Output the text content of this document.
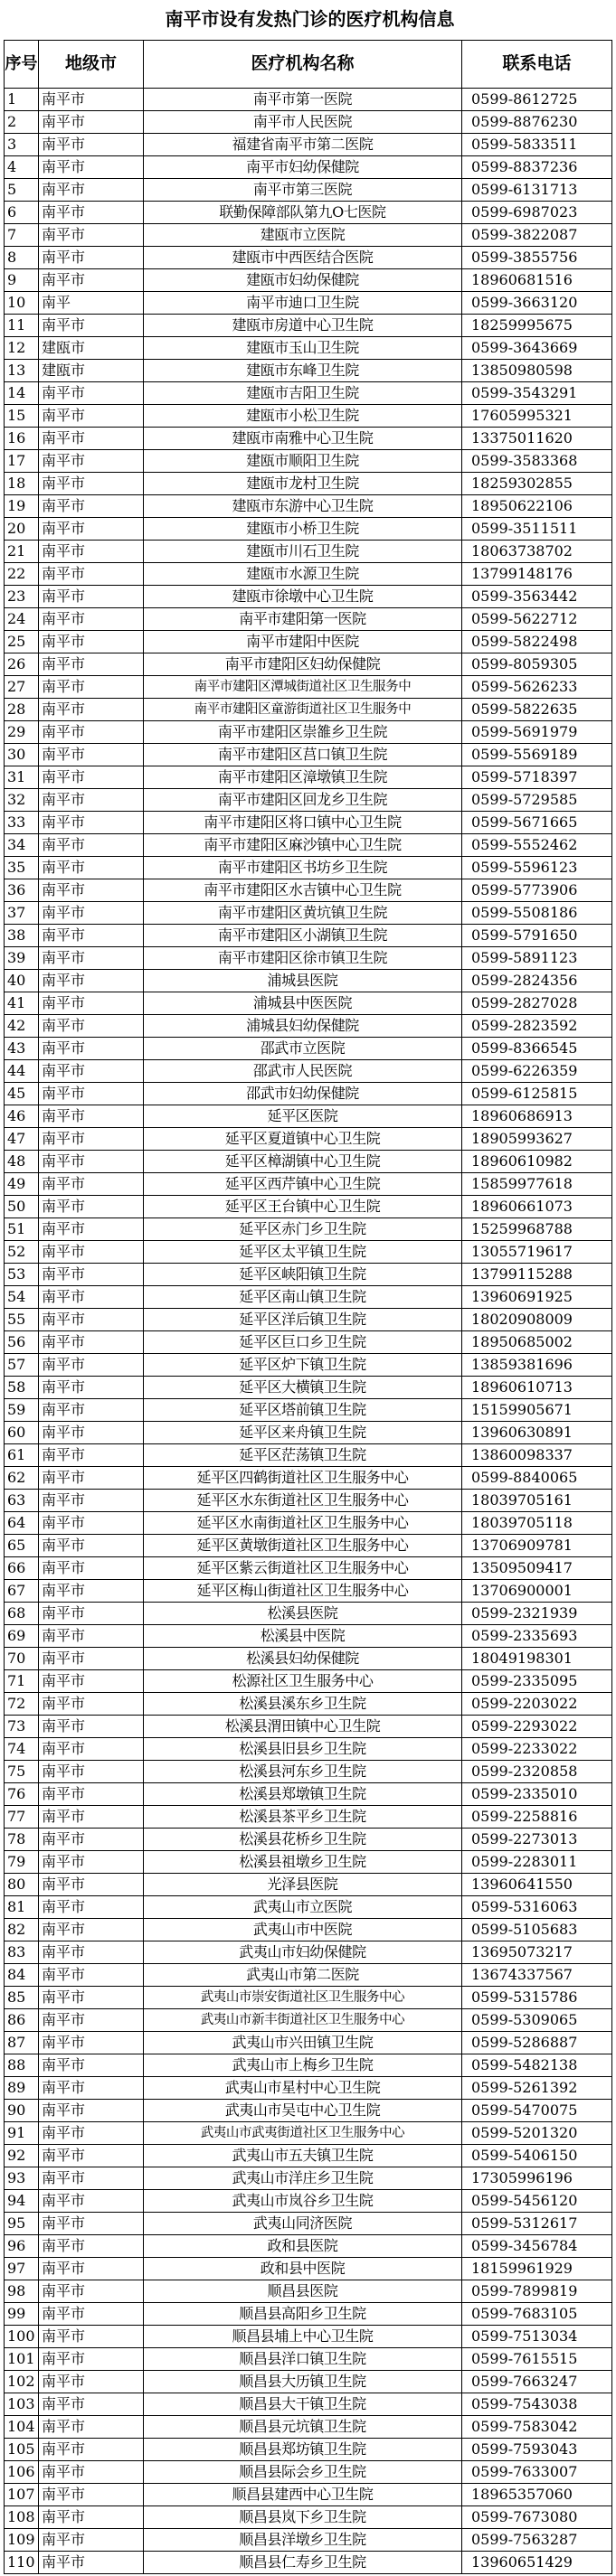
南平市设有发热门诊的医疗机构信息
序号	地级市	医疗机构名称	联系电话
1	南平市	南平市第一医院	0599-8612725
2	南平市	南平市人民医院	0599-8876230
3	南平市	福建省南平市第二医院	0599-5833511
4	南平市	南平市妇幼保健院	0599-8837236
5	南平市	南平市第三医院	0599-6131713
6	南平市	联勤保障部队第九O七医院	0599-6987023
7	南平市	建瓯市立医院	0599-3822087
8	南平市	建瓯市中西医结合医院	0599-3855756
9	南平市	建瓯市妇幼保健院	18960681516
10	南平	南平市迪口卫生院	0599-3663120
11	南平市	建瓯市房道中心卫生院	18259995675
12	建瓯市	建瓯市玉山卫生院	0599-3643669
13	建瓯市	建瓯市东峰卫生院	13850980598
14	南平市	建瓯市吉阳卫生院	0599-3543291
15	南平市	建瓯市小松卫生院	17605995321
16	南平市	建瓯市南雅中心卫生院	13375011620
17	南平市	建瓯市顺阳卫生院	0599-3583368
18	南平市	建瓯市龙村卫生院	18259302855
19	南平市	建瓯市东游中心卫生院	18950622106
20	南平市	建瓯市小桥卫生院	0599-3511511
21	南平市	建瓯市川石卫生院	18063738702
22	南平市	建瓯市水源卫生院	13799148176
23	南平市	建瓯市徐墩中心卫生院	0599-3563442
24	南平市	南平市建阳第一医院	0599-5622712
25	南平市	南平市建阳中医院	0599-5822498
26	南平市	南平市建阳区妇幼保健院	0599-8059305
27	南平市	南平市建阳区潭城街道社区卫生服务中	0599-5626233
28	南平市	南平市建阳区童游街道社区卫生服务中	0599-5822635
29	南平市	南平市建阳区崇雒乡卫生院	0599-5691979
30	南平市	南平市建阳区莒口镇卫生院	0599-5569189
31	南平市	南平市建阳区漳墩镇卫生院	0599-5718397
32	南平市	南平市建阳区回龙乡卫生院	0599-5729585
33	南平市	南平市建阳区将口镇中心卫生院	0599-5671665
34	南平市	南平市建阳区麻沙镇中心卫生院	0599-5552462
35	南平市	南平市建阳区书坊乡卫生院	0599-5596123
36	南平市	南平市建阳区水吉镇中心卫生院	0599-5773906
37	南平市	南平市建阳区黄坑镇卫生院	0599-5508186
38	南平市	南平市建阳区小湖镇卫生院	0599-5791650
39	南平市	南平市建阳区徐市镇卫生院	0599-5891123
40	南平市	浦城县医院	0599-2824356
41	南平市	浦城县中医医院	0599-2827028
42	南平市	浦城县妇幼保健院	0599-2823592
43	南平市	邵武市立医院	0599-8366545
44	南平市	邵武市人民医院	0599-6226359
45	南平市	邵武市妇幼保健院	0599-6125815
46	南平市	延平区医院	18960686913
47	南平市	延平区夏道镇中心卫生院	18905993627
48	南平市	延平区樟湖镇中心卫生院	18960610982
49	南平市	延平区西芹镇中心卫生院	15859977618
50	南平市	延平区王台镇中心卫生院	18960661073
51	南平市	延平区赤门乡卫生院	15259968788
52	南平市	延平区太平镇卫生院	13055719617
53	南平市	延平区峡阳镇卫生院	13799115288
54	南平市	延平区南山镇卫生院	13960691925
55	南平市	延平区洋后镇卫生院	18020908009
56	南平市	延平区巨口乡卫生院	18950685002
57	南平市	延平区炉下镇卫生院	13859381696
58	南平市	延平区大横镇卫生院	18960610713
59	南平市	延平区塔前镇卫生院	15159905671
60	南平市	延平区来舟镇卫生院	13960630891
61	南平市	延平区茫荡镇卫生院	13860098337
62	南平市	延平区四鹤街道社区卫生服务中心	0599-8840065
63	南平市	延平区水东街道社区卫生服务中心	18039705161
64	南平市	延平区水南街道社区卫生服务中心	18039705118
65	南平市	延平区黄墩街道社区卫生服务中心	13706909781
66	南平市	延平区紫云街道社区卫生服务中心	13509509417
67	南平市	延平区梅山街道社区卫生服务中心	13706900001
68	南平市	松溪县医院	0599-2321939
69	南平市	松溪县中医院	0599-2335693
70	南平市	松溪县妇幼保健院	18049198301
71	南平市	松源社区卫生服务中心	0599-2335095
72	南平市	松溪县溪东乡卫生院	0599-2203022
73	南平市	松溪县渭田镇中心卫生院	0599-2293022
74	南平市	松溪县旧县乡卫生院	0599-2233022
75	南平市	松溪县河东乡卫生院	0599-2320858
76	南平市	松溪县郑墩镇卫生院	0599-2335010
77	南平市	松溪县茶平乡卫生院	0599-2258816
78	南平市	松溪县花桥乡卫生院	0599-2273013
79	南平市	松溪县祖墩乡卫生院	0599-2283011
80	南平市	光泽县医院	13960641550
81	南平市	武夷山市立医院	0599-5316063
82	南平市	武夷山市中医院	0599-5105683
83	南平市	武夷山市妇幼保健院	13695073217
84	南平市	武夷山市第二医院	13674337567
85	南平市	武夷山市崇安街道社区卫生服务中心	0599-5315786
86	南平市	武夷山市新丰街道社区卫生服务中心	0599-5309065
87	南平市	武夷山市兴田镇卫生院	0599-5286887
88	南平市	武夷山市上梅乡卫生院	0599-5482138
89	南平市	武夷山市星村中心卫生院	0599-5261392
90	南平市	武夷山市吴屯中心卫生院	0599-5470075
91	南平市	武夷山市武夷街道社区卫生服务中心	0599-5201320
92	南平市	武夷山市五夫镇卫生院	0599-5406150
93	南平市	武夷山市洋庄乡卫生院	17305996196
94	南平市	武夷山市岚谷乡卫生院	0599-5456120
95	南平市	武夷山同济医院	0599-5312617
96	南平市	政和县医院	0599-3456784
97	南平市	政和县中医院	18159961929
98	南平市	顺昌县医院	0599-7899819
99	南平市	顺昌县高阳乡卫生院	0599-7683105
100	南平市	顺昌县埔上中心卫生院	0599-7513034
101	南平市	顺昌县洋口镇卫生院	0599-7615515
102	南平市	顺昌县大历镇卫生院	0599-7663247
103	南平市	顺昌县大干镇卫生院	0599-7543038
104	南平市	顺昌县元坑镇卫生院	0599-7583042
105	南平市	顺昌县郑坊镇卫生院	0599-7593043
106	南平市	顺昌县际会乡卫生院	0599-7633007
107	南平市	顺昌县建西中心卫生院	18965357060
108	南平市	顺昌县岚下乡卫生院	0599-7673080
109	南平市	顺昌县洋墩乡卫生院	0599-7563287
110	南平市	顺昌县仁寿乡卫生院	13960651429
